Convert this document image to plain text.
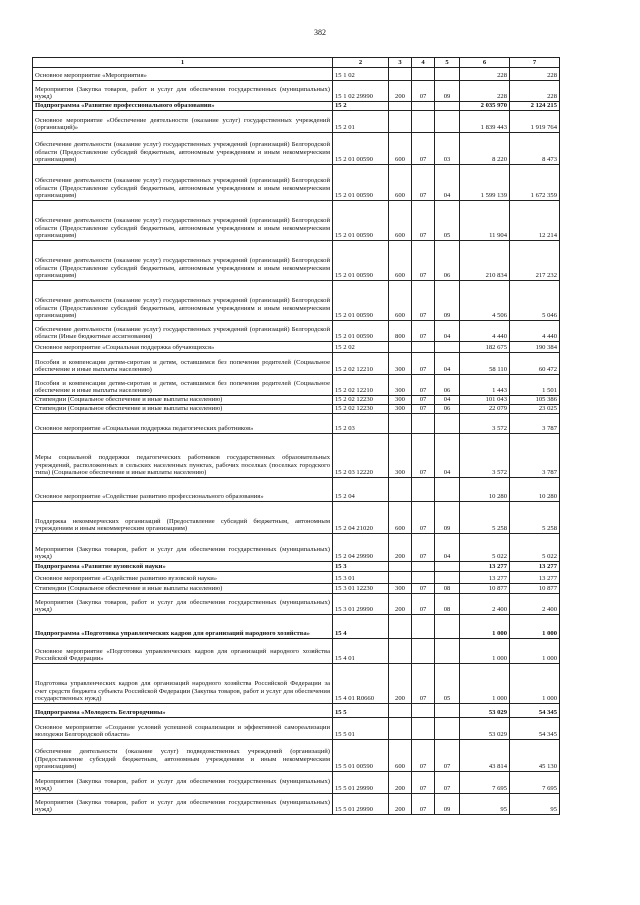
382
1	2	3	4	5	6	7
Основное мероприятие «Мероприятия»	15 1 02				228	228
Мероприятия (Закупка товаров, работ и услуг для обеспечения государственных (муниципальных) нужд)	15 1 02 29990	200	07	09	228	228
Подпрограмма «Развитие профессионального образования»	15 2				2 035 970	2 124 215
Основное мероприятие «Обеспечение деятельности (оказание услуг) государственных учреждений (организаций)»	15 2 01				1 839 443	1 919 764
Обеспечение деятельности (оказание услуг) государственных учреждений (организаций) Белгородской области (Предоставление субсидий бюджетным, автономным учреждениям и иным некоммерческим организациям)	15 2 01 00590	600	07	03	8 220	8 473
Обеспечение деятельности (оказание услуг) государственных учреждений (организаций) Белгородской области (Предоставление субсидий бюджетным, автономным учреждениям и иным некоммерческим организациям)	15 2 01 00590	600	07	04	1 599 139	1 672 359
Обеспечение деятельности (оказание услуг) государственных учреждений (организаций) Белгородской области (Предоставление субсидий бюджетным, автономным учреждениям и иным некоммерческим организациям)	15 2 01 00590	600	07	05	11 904	12 214
Обеспечение деятельности (оказание услуг) государственных учреждений (организаций) Белгородской области (Предоставление субсидий бюджетным, автономным учреждениям и иным некоммерческим организациям)	15 2 01 00590	600	07	06	210 834	217 232
Обеспечение деятельности (оказание услуг) государственных учреждений (организаций) Белгородской области (Предоставление субсидий бюджетным, автономным учреждениям и иным некоммерческим организациям)	15 2 01 00590	600	07	09	4 506	5 046
Обеспечение деятельности (оказание услуг) государственных учреждений (организаций) Белгородской области (Иные бюджетные ассигнования)	15 2 01 00590	800	07	04	4 440	4 440
Основное мероприятие «Социальная поддержка обучающихся»	15 2 02				182 675	190 384
Пособия и компенсации детям-сиротам и детям, оставшимся без попечения родителей (Социальное обеспечение и иные выплаты населению)	15 2 02 12210	300	07	04	58 110	60 472
Пособия и компенсации детям-сиротам и детям, оставшимся без попечения родителей (Социальное обеспечение и иные выплаты населению)	15 2 02 12210	300	07	06	1 443	1 501
Стипендии (Социальное обеспечение и иные выплаты населению)	15 2 02 12230	300	07	04	101 043	105 386
Стипендии (Социальное обеспечение и иные выплаты населению)	15 2 02 12230	300	07	06	22 079	23 025
Основное мероприятие «Социальная поддержка педагогических работников»	15 2 03				3 572	3 787
Меры социальной поддержки педагогических работников государственных образовательных учреждений, расположенных в сельских населенных пунктах, рабочих поселках (поселках городского типа) (Социальное обеспечение и иные выплаты населению)	15 2 03 12220	300	07	04	3 572	3 787
Основное мероприятие «Содействие развитию профессионального образования»	15 2 04				10 280	10 280
Поддержка некоммерческих организаций (Предоставление субсидий бюджетным, автономным учреждениям и иным некоммерческим организациям)	15 2 04 21020	600	07	09	5 258	5 258
Мероприятия (Закупка товаров, работ и услуг для обеспечения государственных (муниципальных) нужд)	15 2 04 29990	200	07	04	5 022	5 022
Подпрограмма «Развитие вузовской науки»	15 3				13 277	13 277
Основное мероприятие «Содействие развитию вузовской науки»	15 3 01				13 277	13 277
Стипендии (Социальное обеспечение и иные выплаты населению)	15 3 01 12230	300	07	08	10 877	10 877
Мероприятия (Закупка товаров, работ и услуг для обеспечения государственных (муниципальных) нужд)	15 3 01 29990	200	07	08	2 400	2 400
Подпрограмма «Подготовка управленческих кадров для организаций народного хозяйства»	15 4				1 000	1 000
Основное мероприятие «Подготовка управленческих кадров для организаций народного хозяйства Российской Федерации»	15 4 01				1 000	1 000
Подготовка управленческих кадров для организаций народного хозяйства Российской Федерации за счет средств бюджета субъекта Российской Федерации (Закупка товаров, работ и услуг для обеспечения государственных нужд)	15 4 01 R0660	200	07	05	1 000	1 000
Подпрограмма «Молодость Белгородчины»	15 5				53 029	54 345
Основное мероприятие «Создание условий успешной социализации и эффективной самореализации молодежи Белгородской области»	15 5 01				53 029	54 345
Обеспечение деятельности (оказание услуг) подведомственных учреждений (организаций) (Предоставление субсидий бюджетным, автономным учреждениям и иным некоммерческим организациям)	15 5 01 00590	600	07	07	43 814	45 130
Мероприятия (Закупка товаров, работ и услуг для обеспечения государственных (муниципальных) нужд)	15 5 01 29990	200	07	07	7 695	7 695
Мероприятия (Закупка товаров, работ и услуг для обеспечения государственных (муниципальных) нужд)	15 5 01 29990	200	07	09	95	95
